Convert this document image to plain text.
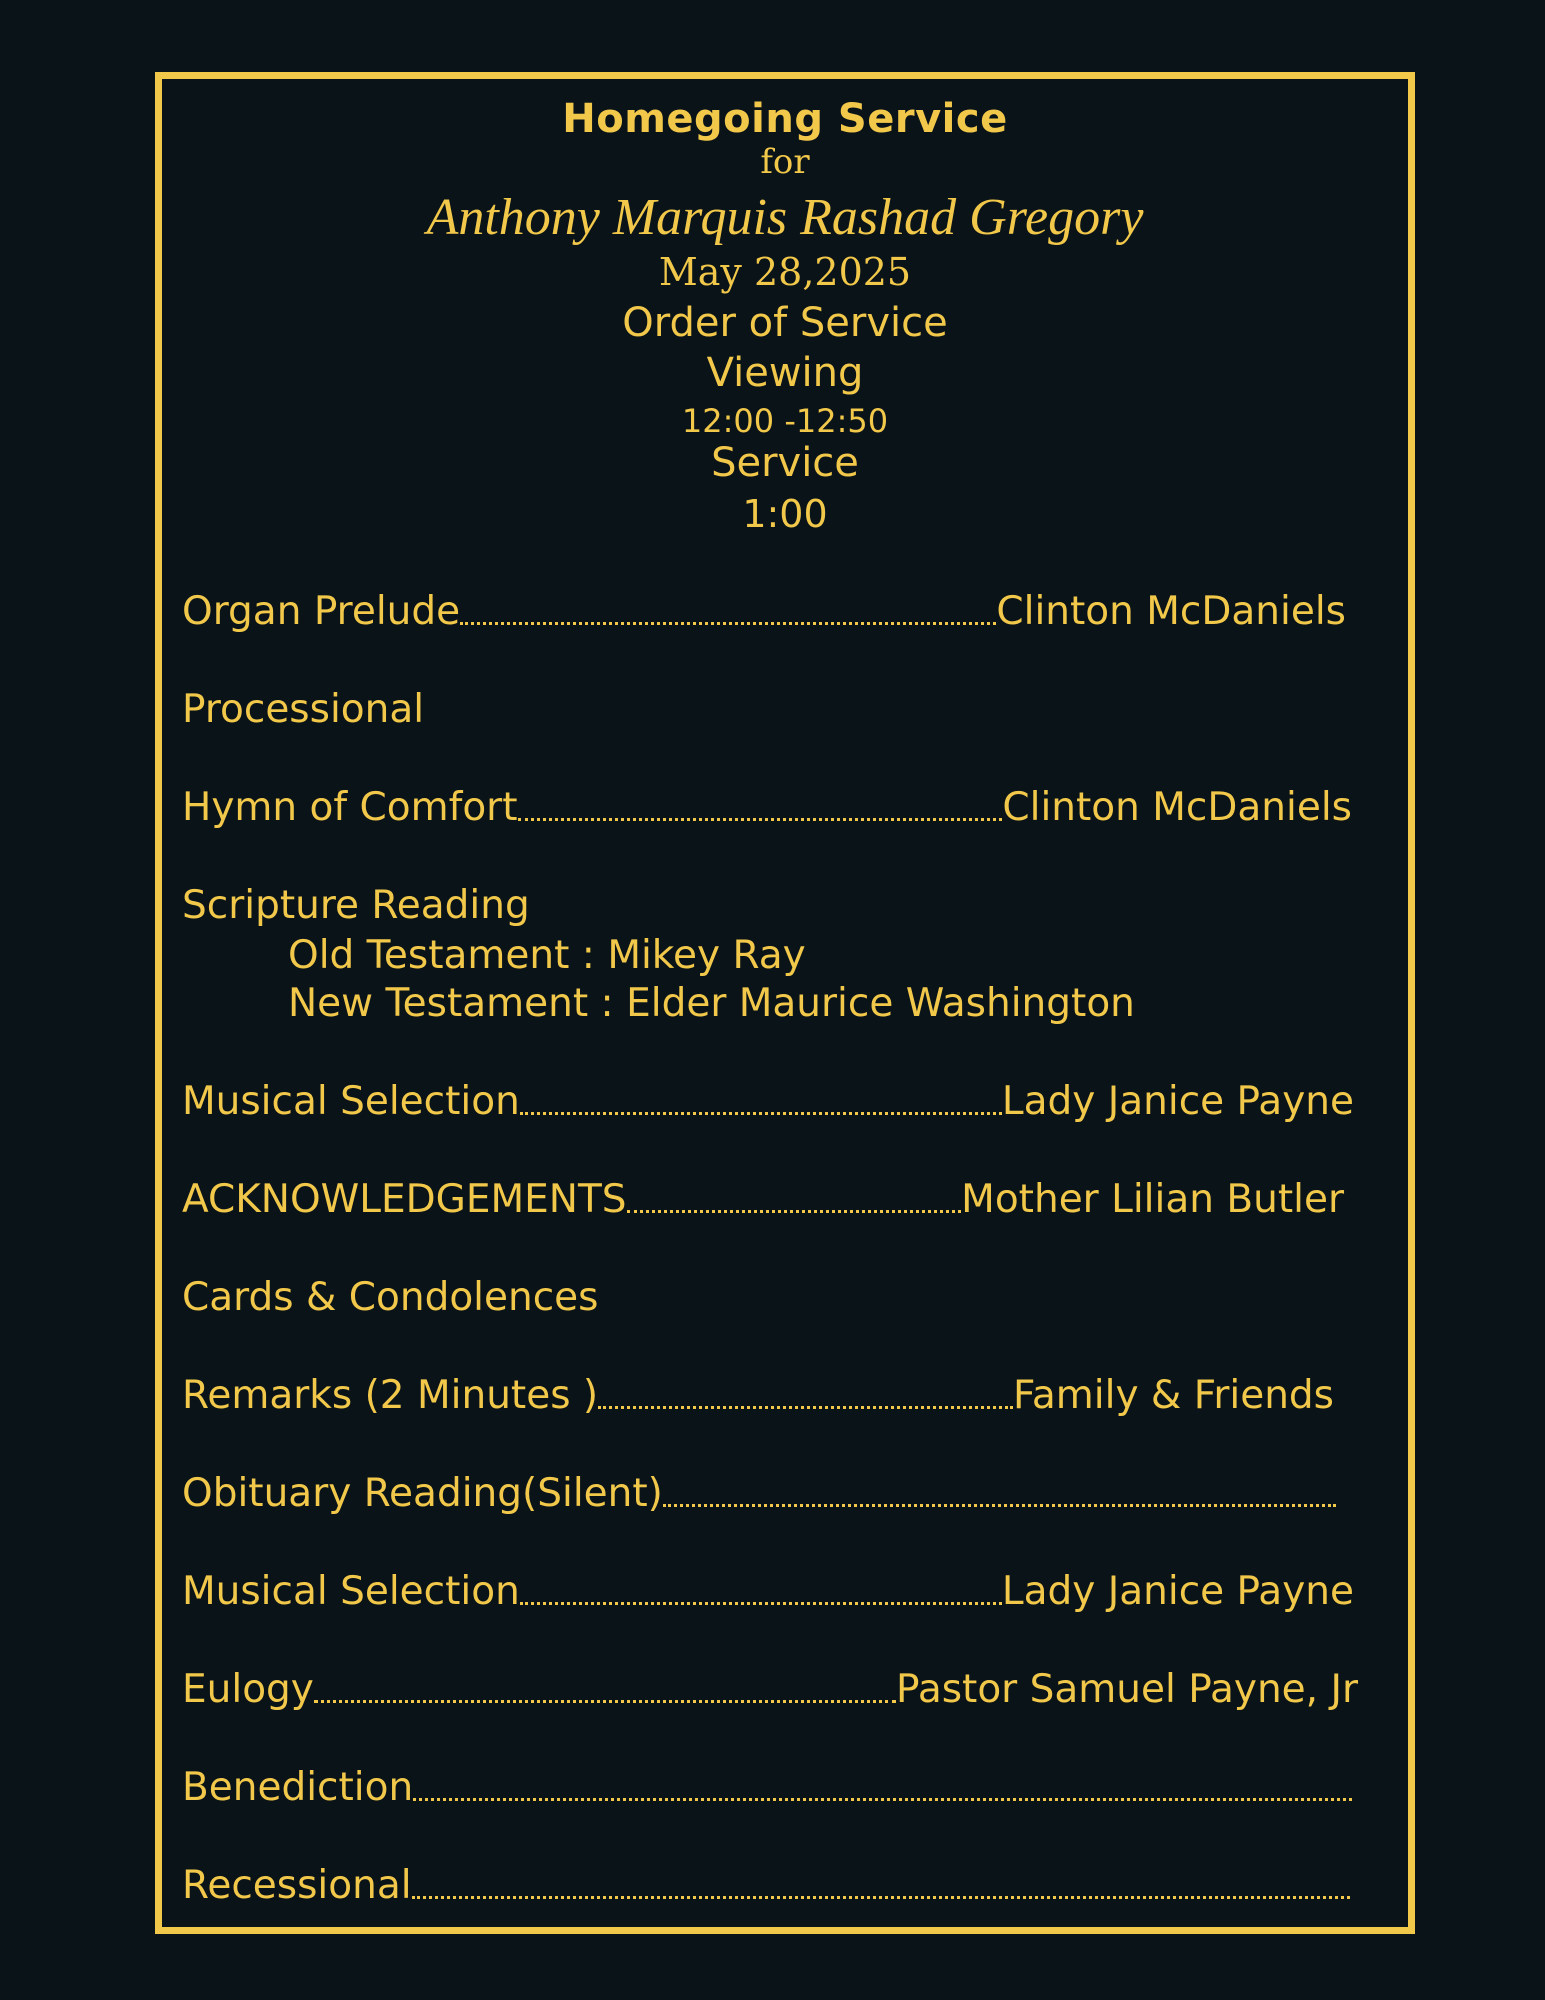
Homegoing Service
for
Anthony Marquis Rashad Gregory
May 28,2025
Order of Service
Viewing
12:00 -12:50
Service
1:00
Organ Prelude	Clinton McDaniels
Processional
Hymn of Comfort	Clinton McDaniels
Scripture Reading
Old Testament : Mikey Ray
New Testament : Elder Maurice Washington
Musical Selection	Lady Janice Payne
ACKNOWLEDGEMENTS	Mother Lilian Butler
Cards & Condolences
Remarks (2 Minutes )	Family & Friends
Obituary Reading(Silent)
Musical Selection	Lady Janice Payne
Eulogy	Pastor Samuel Payne, Jr
Benediction
Recessional
